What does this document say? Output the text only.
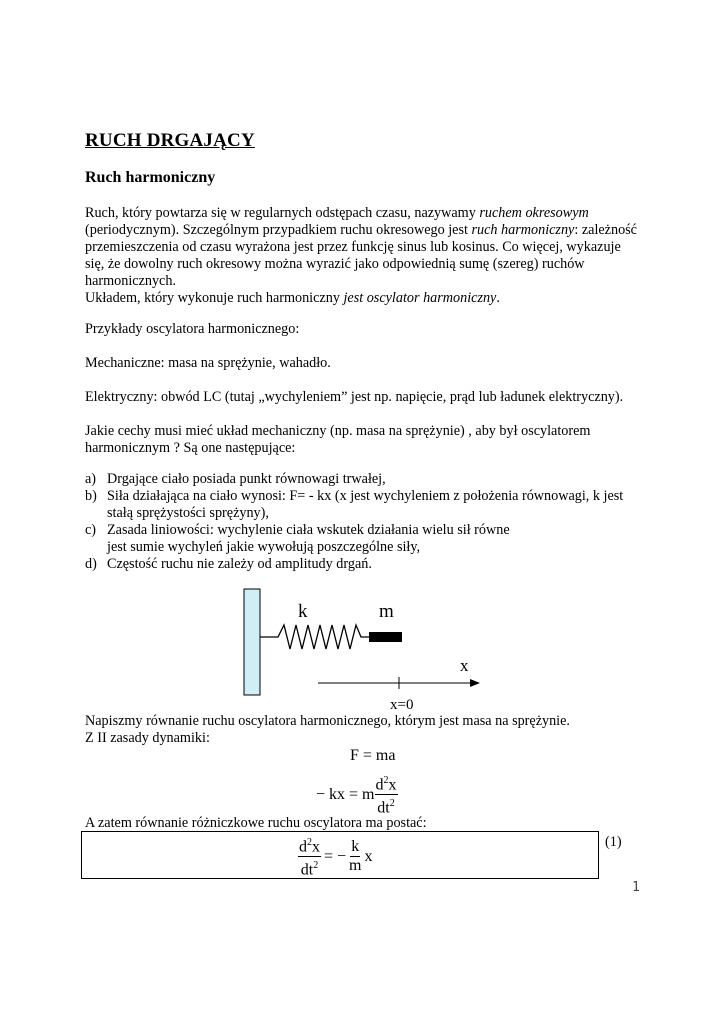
RUCH DRGAJĄCY
Ruch harmoniczny
Ruch, który powtarza się w regularnych odstępach czasu, nazywamy ruchem okresowym
(periodycznym). Szczególnym przypadkiem ruchu okresowego jest ruch harmoniczny: zależność
przemieszczenia od czasu wyrażona jest przez funkcję sinus lub kosinus. Co więcej, wykazuje
się, że dowolny ruch okresowy można wyrazić jako odpowiednią sumę (szereg) ruchów
harmonicznych.
Układem, który wykonuje ruch harmoniczny jest oscylator harmoniczny.
Przykłady oscylatora harmonicznego:
Mechaniczne: masa na sprężynie, wahadło.
Elektryczny: obwód LC (tutaj „wychyleniem” jest np. napięcie, prąd lub ładunek elektryczny).
Jakie cechy musi mieć układ mechaniczny (np. masa na sprężynie) , aby był oscylatorem
harmonicznym ? Są one następujące:
a) Drgające ciało posiada punkt równowagi trwałej,
b) Siła działająca na ciało wynosi: F= - kx (x jest wychyleniem z położenia równowagi, k jest
stałą sprężystości sprężyny),
c) Zasada liniowości: wychylenie ciała wskutek działania wielu sił równe
jest sumie wychyleń jakie wywołują poszczególne siły,
d) Częstość ruchu nie zależy od amplitudy drgań.
k	m
x
x=0
Napiszmy równanie ruchu oscylatora harmonicznego, którym jest masa na sprężynie.
Z II zasady dynamiki:
F = ma
− kx = m $\frac{d^2x}{dt^2}$
A zatem równanie różniczkowe ruchu oscylatora ma postać:
$\frac{d^2x}{dt^2}$ = − $\frac{k}{m}$ x
(1)
1
